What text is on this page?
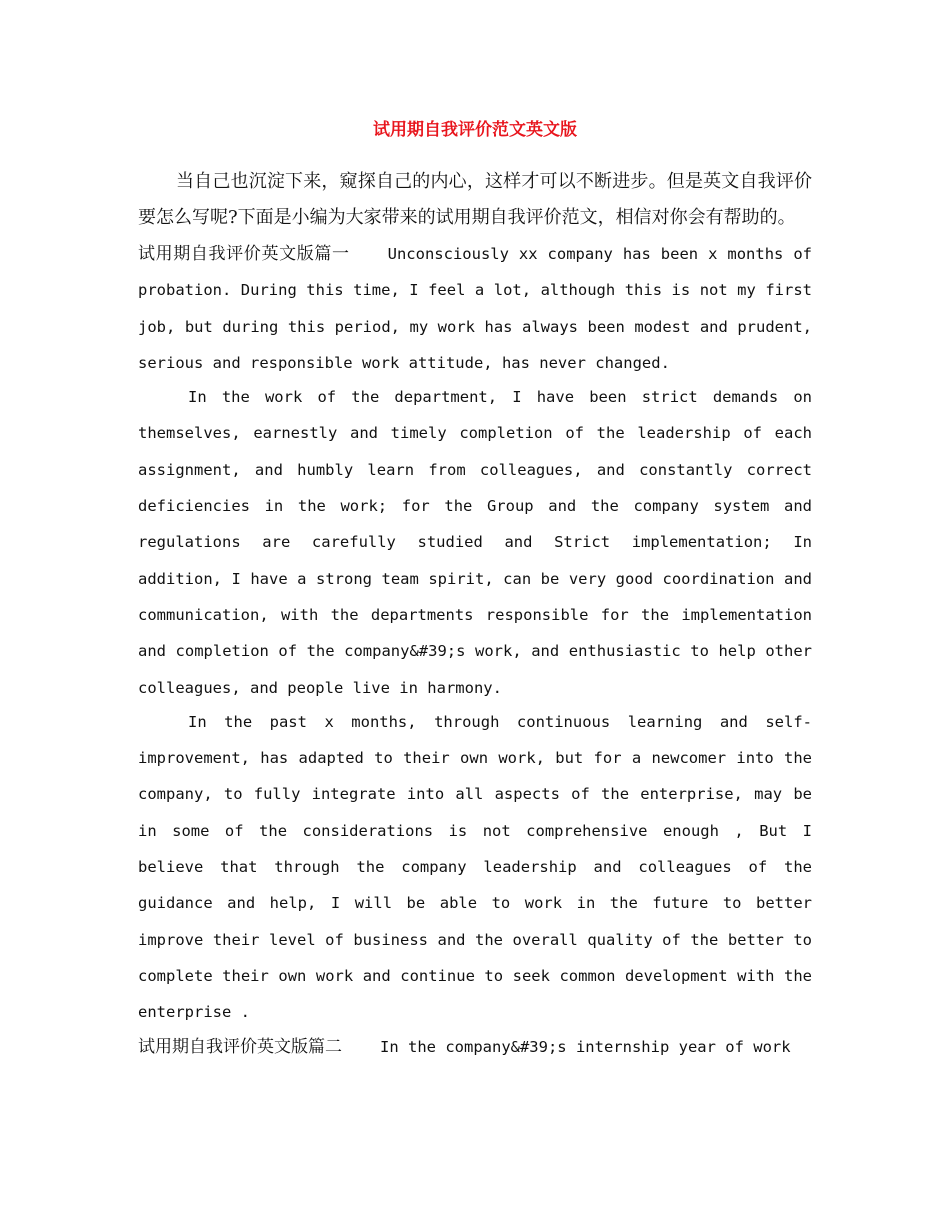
试用期自我评价范文英文版

当自己也沉淀下来，窥探自己的内心，这样才可以不断进步。但是英文自我评价要怎么写呢?下面是小编为大家带来的试用期自我评价范文，相信对你会有帮助的。

试用期自我评价英文版篇一 Unconsciously xx company has been x months of probation. During this time, I feel a lot, although this is not my first job, but during this period, my work has always been modest and prudent, serious and responsible work attitude, has never changed.

In the work of the department, I have been strict demands on themselves, earnestly and timely completion of the leadership of each assignment, and humbly learn from colleagues, and constantly correct deficiencies in the work; for the Group and the company system and regulations are carefully studied and Strict implementation; In addition, I have a strong team spirit, can be very good coordination and communication, with the departments responsible for the implementation and completion of the company&#39;s work, and enthusiastic to help other colleagues, and people live in harmony.

In the past x months, through continuous learning and self-improvement, has adapted to their own work, but for a newcomer into the company, to fully integrate into all aspects of the enterprise, may be in some of the considerations is not comprehensive enough , But I believe that through the company leadership and colleagues of the guidance and help, I will be able to work in the future to better improve their level of business and the overall quality of the better to complete their own work and continue to seek common development with the enterprise .

试用期自我评价英文版篇二 In the company&#39;s internship year of work
